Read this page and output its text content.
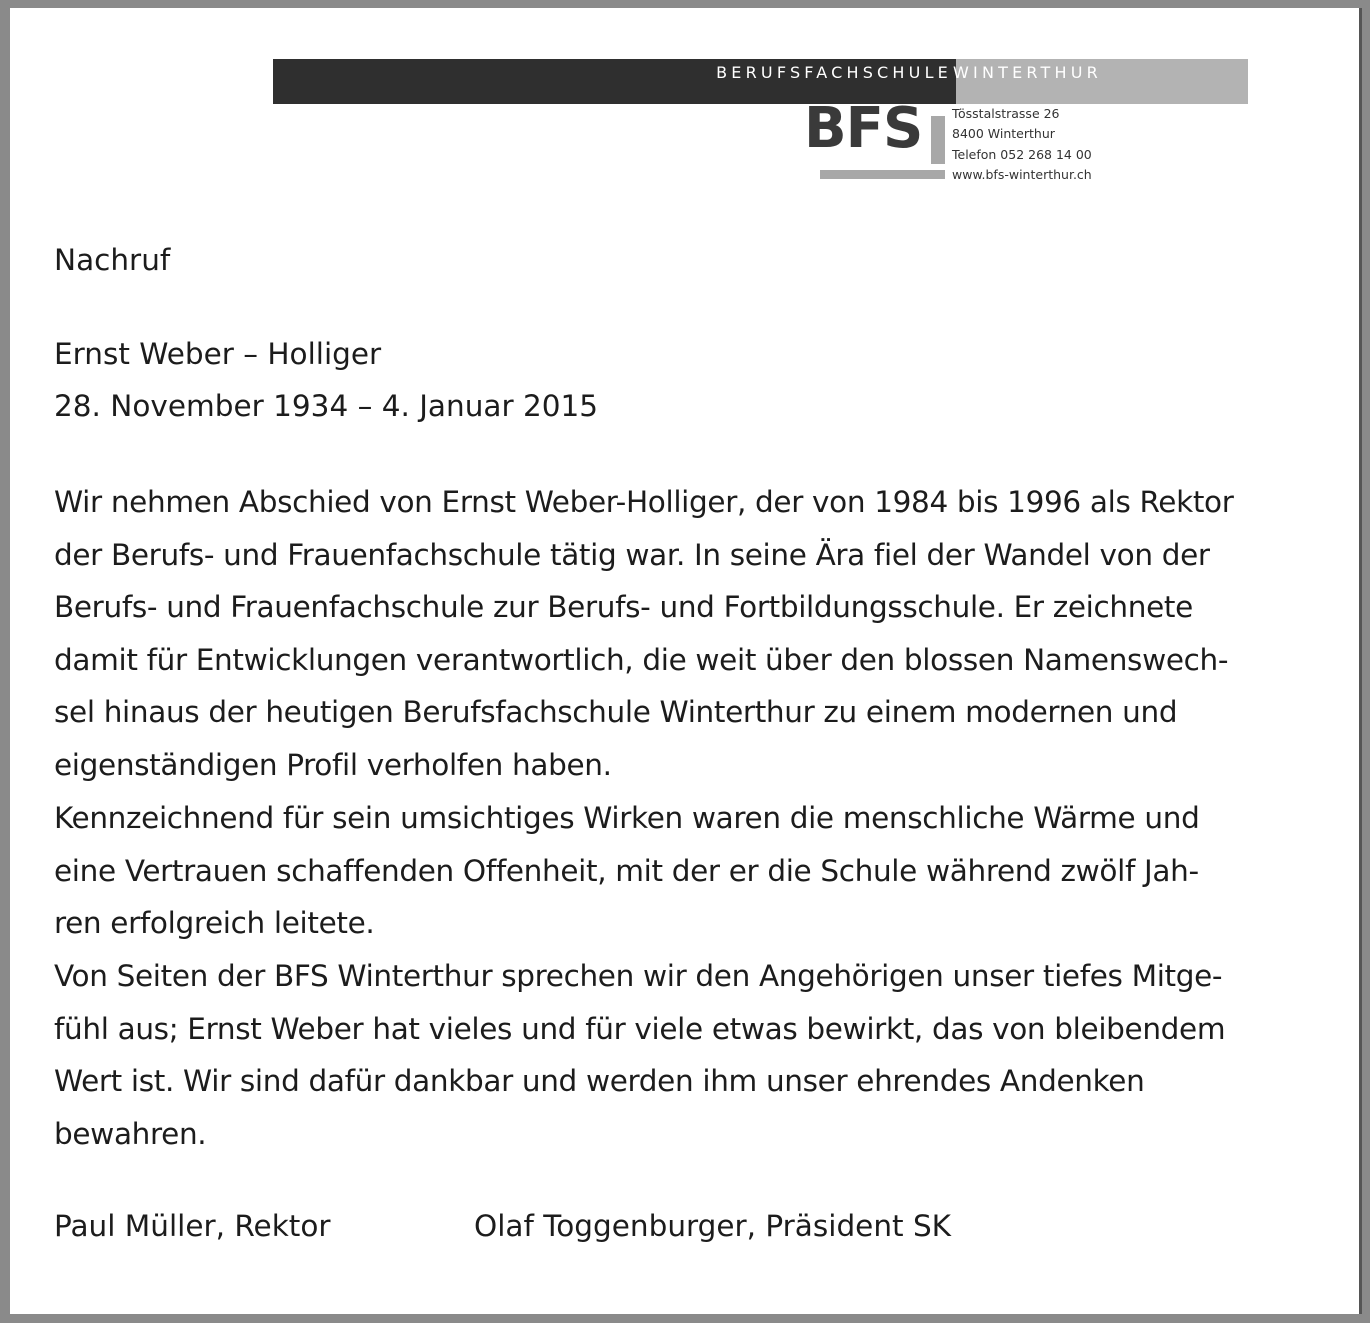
BERUFSFACHSCHULE WINTERTHUR
BFS Tösstalstrasse 26
8400 Winterthur
Telefon 052 268 14 00
www.bfs-winterthur.ch
Nachruf
Ernst Weber – Holliger
28. November 1934 – 4. Januar 2015
Wir nehmen Abschied von Ernst Weber-Holliger, der von 1984 bis 1996 als Rektor
der Berufs- und Frauenfachschule tätig war. In seine Ära fiel der Wandel von der
Berufs- und Frauenfachschule zur Berufs- und Fortbildungsschule. Er zeichnete
damit für Entwicklungen verantwortlich, die weit über den blossen Namenswech-
sel hinaus der heutigen Berufsfachschule Winterthur zu einem modernen und
eigenständigen Profil verholfen haben.
Kennzeichnend für sein umsichtiges Wirken waren die menschliche Wärme und
eine Vertrauen schaffenden Offenheit, mit der er die Schule während zwölf Jah-
ren erfolgreich leitete.
Von Seiten der BFS Winterthur sprechen wir den Angehörigen unser tiefes Mitge-
fühl aus; Ernst Weber hat vieles und für viele etwas bewirkt, das von bleibendem
Wert ist. Wir sind dafür dankbar und werden ihm unser ehrendes Andenken
bewahren.
Paul Müller, Rektor	Olaf Toggenburger, Präsident SK
